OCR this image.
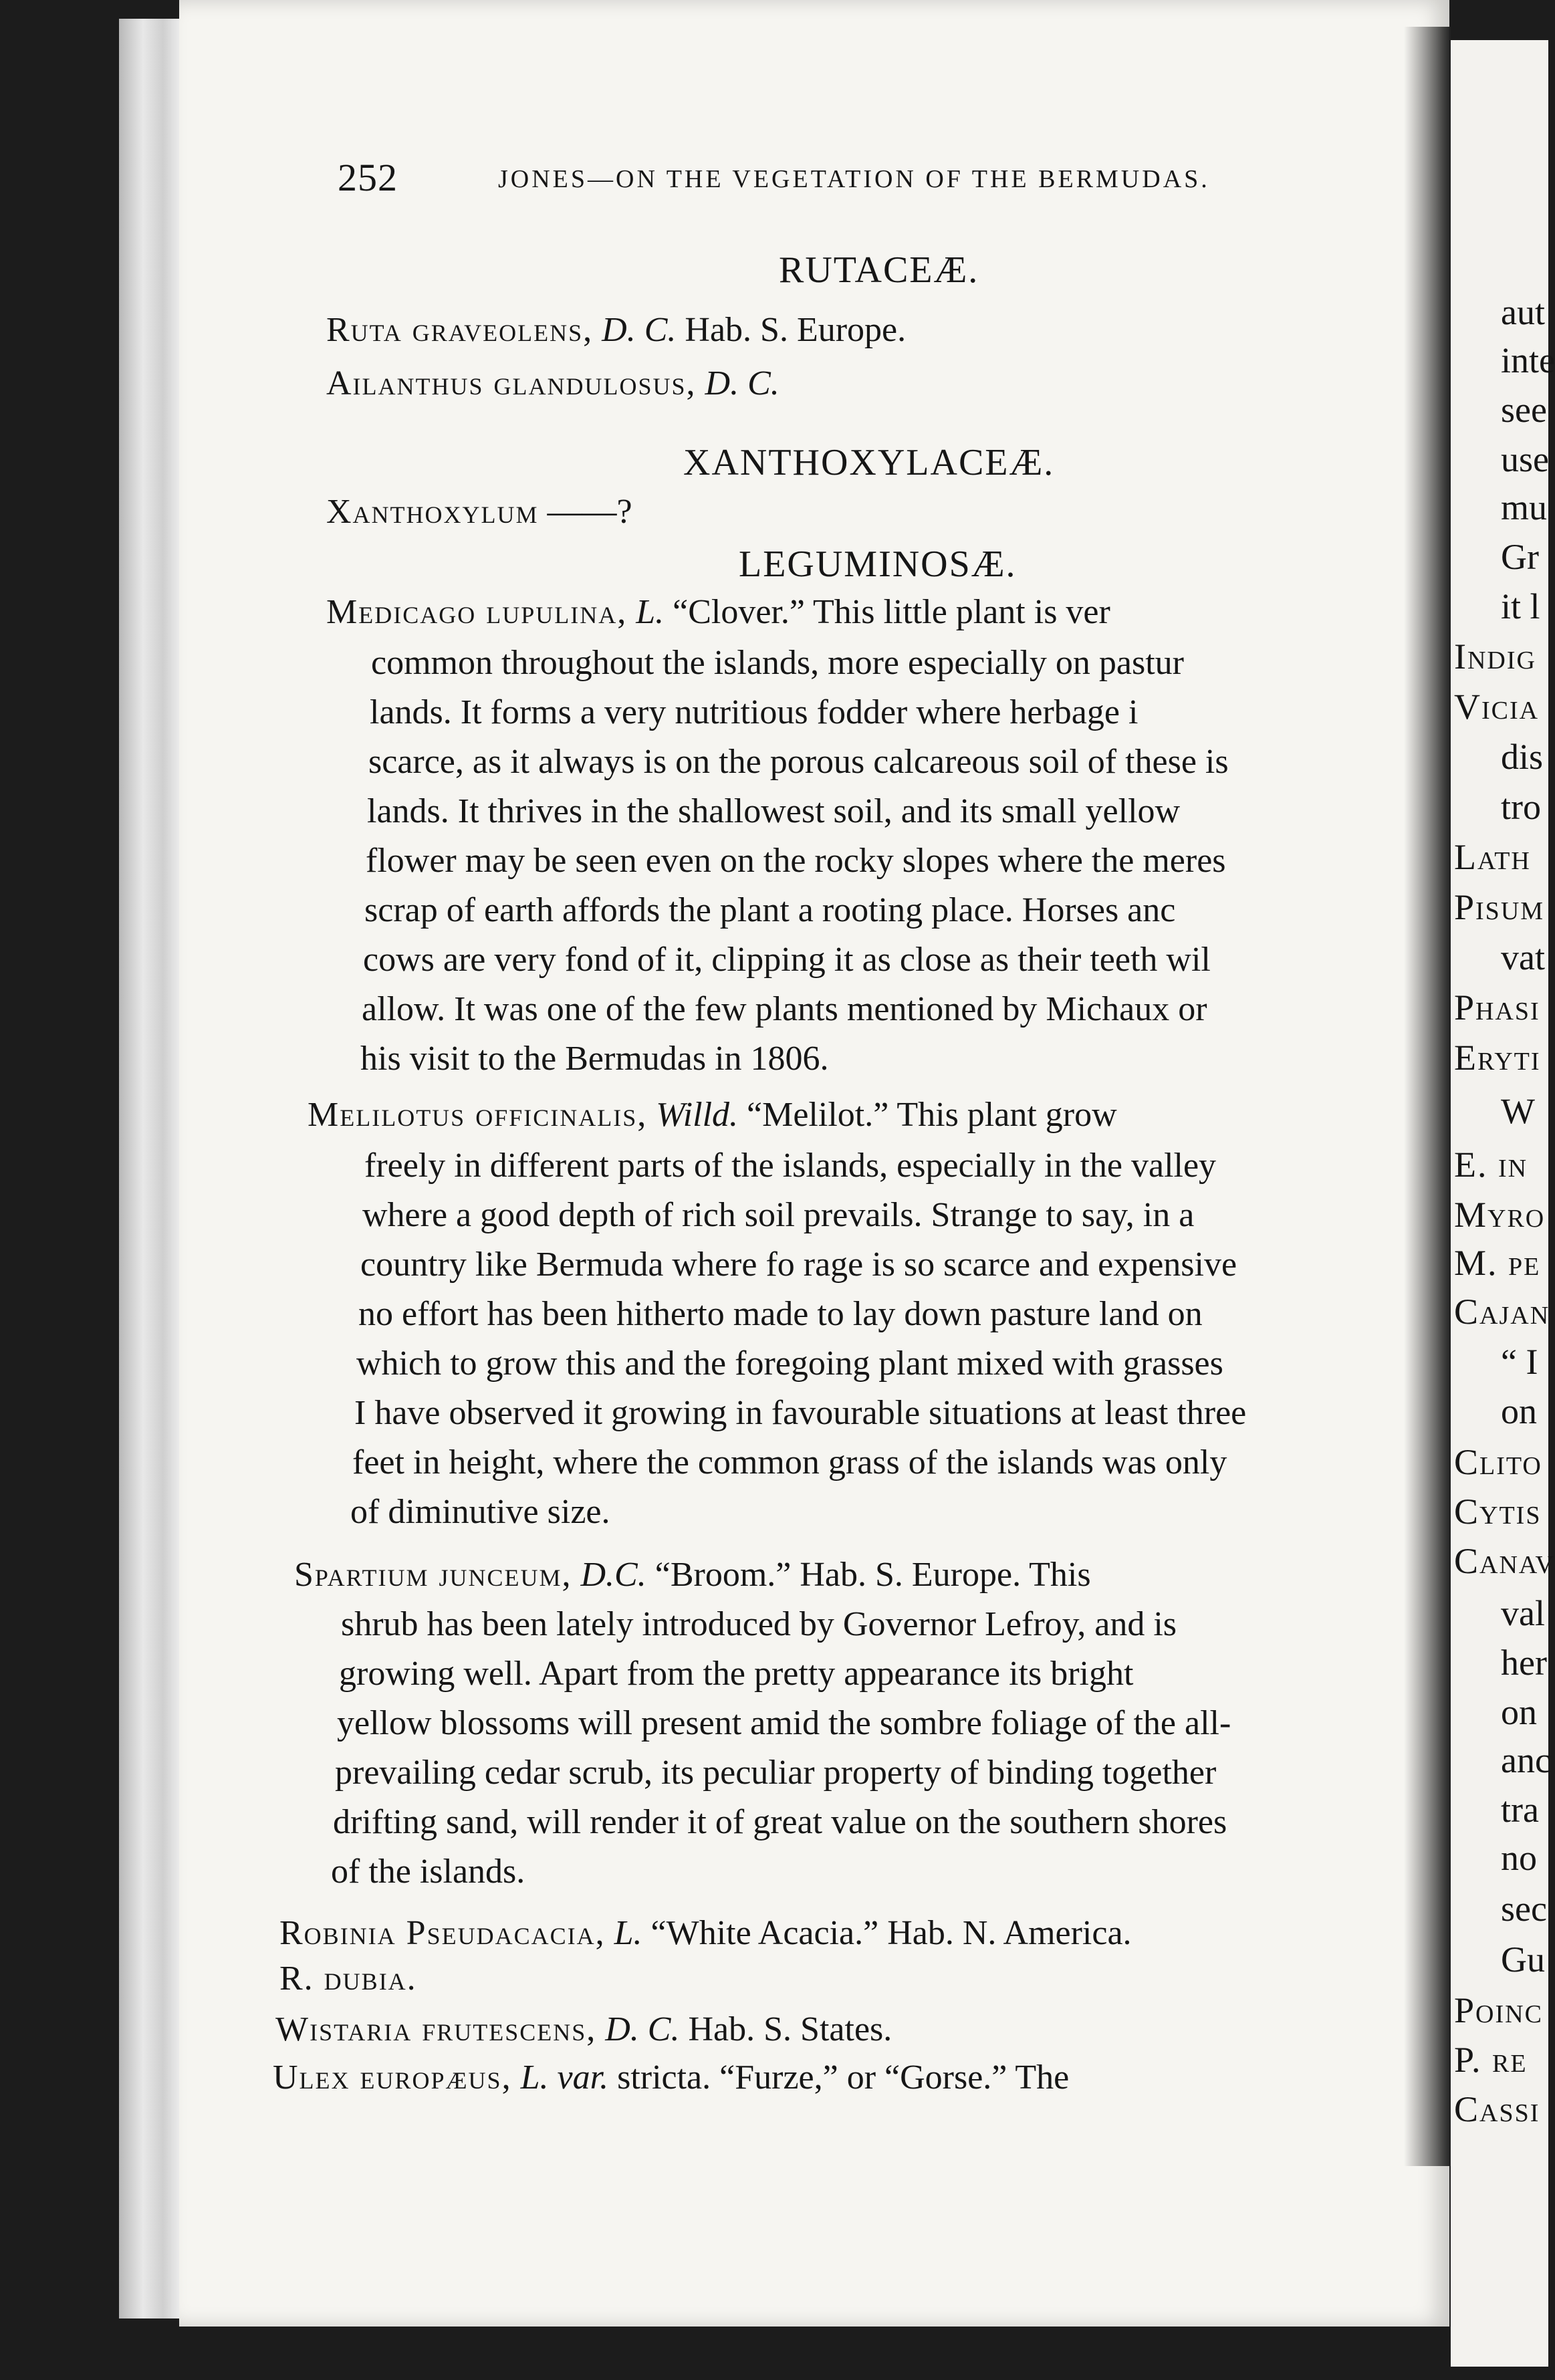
aut
inte
see
use
mu
Gr
it l
Indig
Vicia
dis
tro
Lath
Pisum
vat
Phasi
Eryti
W
E. in
Myro
M. pe
Cajan
“ I
on
Clito
Cytis
Canav
val
her
on
anc
tra
no
sec
Gu
Poinc
P. re
Cassi
252	JONES—ON THE VEGETATION OF THE BERMUDAS.
RUTACEÆ.
Ruta graveolens, D. C. Hab. S. Europe.
Ailanthus glandulosus, D. C.
XANTHOXYLACEÆ.
Xanthoxylum ——?
LEGUMINOSÆ.
Medicago lupulina, L. “Clover.” This little plant is ver
common throughout the islands, more especially on pastur
lands. It forms a very nutritious fodder where herbage i
scarce, as it always is on the porous calcareous soil of these is
lands. It thrives in the shallowest soil, and its small yellow
flower may be seen even on the rocky slopes where the meres
scrap of earth affords the plant a rooting place. Horses anc
cows are very fond of it, clipping it as close as their teeth wil
allow. It was one of the few plants mentioned by Michaux or
his visit to the Bermudas in 1806.
Melilotus officinalis, Willd. “Melilot.” This plant grow
freely in different parts of the islands, especially in the valley
where a good depth of rich soil prevails. Strange to say, in a
country like Bermuda where fo rage is so scarce and expensive
no effort has been hitherto made to lay down pasture land on
which to grow this and the foregoing plant mixed with grasses
I have observed it growing in favourable situations at least three
feet in height, where the common grass of the islands was only
of diminutive size.
Spartium junceum, D.C. “Broom.” Hab. S. Europe. This
shrub has been lately introduced by Governor Lefroy, and is
growing well. Apart from the pretty appearance its bright
yellow blossoms will present amid the sombre foliage of the all-
prevailing cedar scrub, its peculiar property of binding together
drifting sand, will render it of great value on the southern shores
of the islands.
Robinia Pseudacacia, L. “White Acacia.” Hab. N. America.
R. dubia.
Wistaria frutescens, D. C. Hab. S. States.
Ulex europæus, L. var. stricta. “Furze,” or “Gorse.” The
